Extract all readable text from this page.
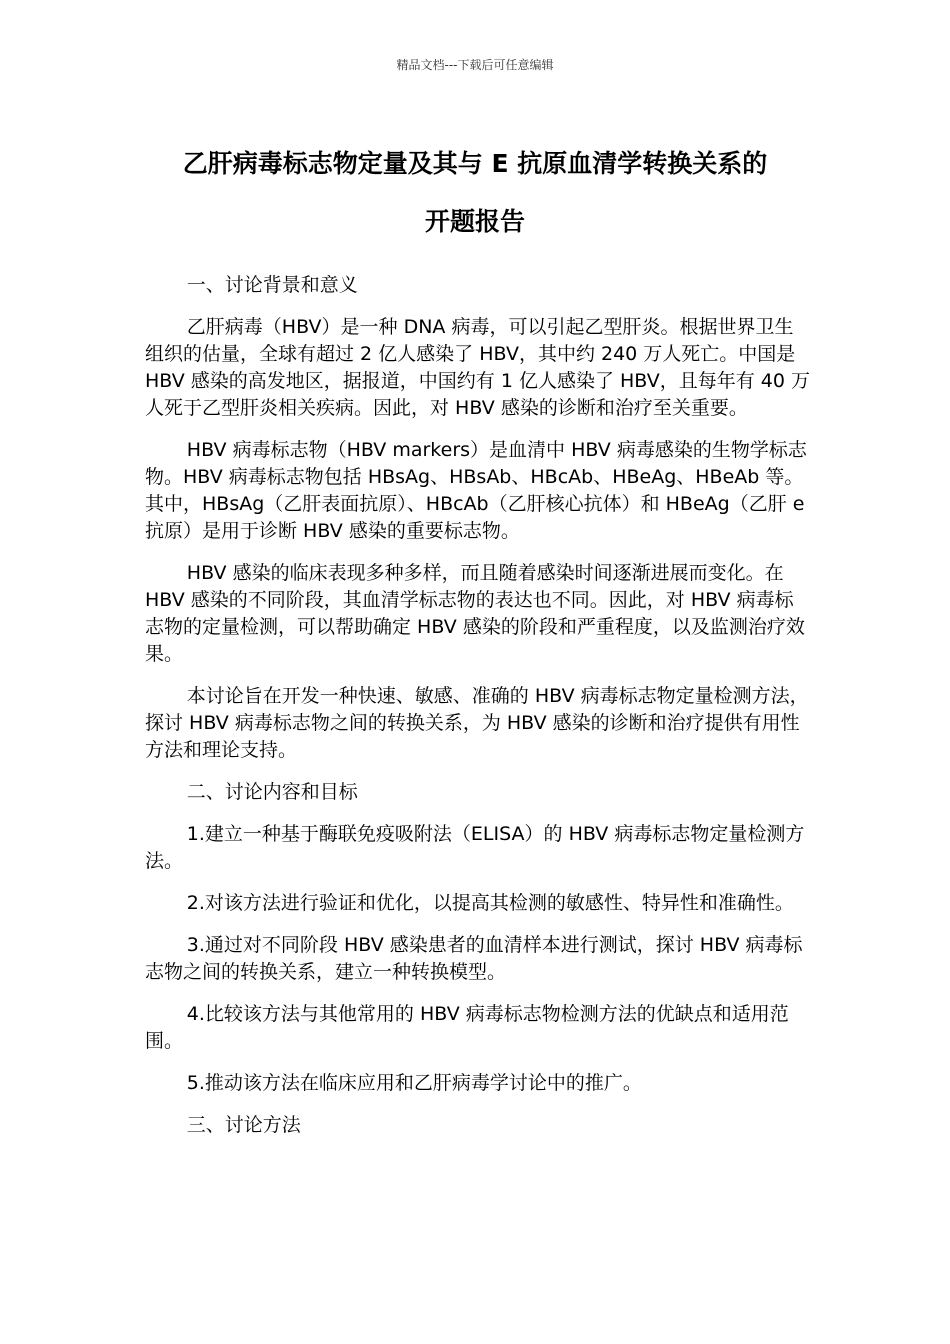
精品文档---下载后可任意编辑
乙肝病毒标志物定量及其与 E 抗原血清学转换关系的
开题报告

一、讨论背景和意义

乙肝病毒（HBV）是一种 DNA 病毒，可以引起乙型肝炎。根据世界卫生组织的估量，全球有超过 2 亿人感染了 HBV，其中约 240 万人死亡。中国是 HBV 感染的高发地区，据报道，中国约有 1 亿人感染了 HBV，且每年有 40 万人死于乙型肝炎相关疾病。因此，对 HBV 感染的诊断和治疗至关重要。

HBV 病毒标志物（HBV markers）是血清中 HBV 病毒感染的生物学标志物。HBV 病毒标志物包括 HBsAg、HBsAb、HBcAb、HBeAg、HBeAb 等。其中，HBsAg（乙肝表面抗原）、HBcAb（乙肝核心抗体）和 HBeAg（乙肝 e 抗原）是用于诊断 HBV 感染的重要标志物。

HBV 感染的临床表现多种多样，而且随着感染时间逐渐进展而变化。在 HBV 感染的不同阶段，其血清学标志物的表达也不同。因此，对 HBV 病毒标志物的定量检测，可以帮助确定 HBV 感染的阶段和严重程度，以及监测治疗效果。

本讨论旨在开发一种快速、敏感、准确的 HBV 病毒标志物定量检测方法，探讨 HBV 病毒标志物之间的转换关系，为 HBV 感染的诊断和治疗提供有用性方法和理论支持。

二、讨论内容和目标

1.建立一种基于酶联免疫吸附法（ELISA）的 HBV 病毒标志物定量检测方法。

2.对该方法进行验证和优化，以提高其检测的敏感性、特异性和准确性。

3.通过对不同阶段 HBV 感染患者的血清样本进行测试，探讨 HBV 病毒标志物之间的转换关系，建立一种转换模型。

4.比较该方法与其他常用的 HBV 病毒标志物检测方法的优缺点和适用范围。

5.推动该方法在临床应用和乙肝病毒学讨论中的推广。

三、讨论方法
